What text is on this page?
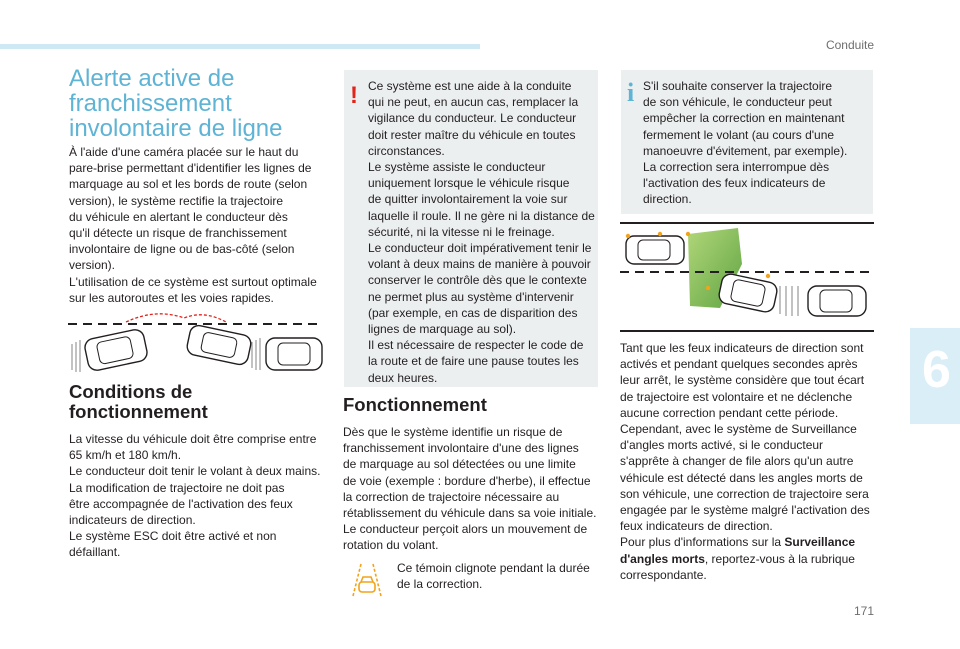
Conduite
6
171
Alerte active de
franchissement
involontaire de ligne
À l'aide d'une caméra placée sur le haut du
pare-brise permettant d'identifier les lignes de
marquage au sol et les bords de route (selon
version), le système rectifie la trajectoire
du véhicule en alertant le conducteur dès
qu'il détecte un risque de franchissement
involontaire de ligne ou de bas-côté (selon
version).
L'utilisation de ce système est surtout optimale
sur les autoroutes et les voies rapides.
Conditions de
fonctionnement
La vitesse du véhicule doit être comprise entre
65 km/h et 180 km/h.
Le conducteur doit tenir le volant à deux mains.
La modification de trajectoire ne doit pas
être accompagnée de l'activation des feux
indicateurs de direction.
Le système ESC doit être activé et non
défaillant.
! Ce système est une aide à la conduite
qui ne peut, en aucun cas, remplacer la
vigilance du conducteur. Le conducteur
doit rester maître du véhicule en toutes
circonstances.
Le système assiste le conducteur
uniquement lorsque le véhicule risque
de quitter involontairement la voie sur
laquelle il roule. Il ne gère ni la distance de
sécurité, ni la vitesse ni le freinage.
Le conducteur doit impérativement tenir le
volant à deux mains de manière à pouvoir
conserver le contrôle dès que le contexte
ne permet plus au système d'intervenir
(par exemple, en cas de disparition des
lignes de marquage au sol).
Il est nécessaire de respecter le code de
la route et de faire une pause toutes les
deux heures.
Fonctionnement
Dès que le système identifie un risque de
franchissement involontaire d'une des lignes
de marquage au sol détectées ou une limite
de voie (exemple : bordure d'herbe), il effectue
la correction de trajectoire nécessaire au
rétablissement du véhicule dans sa voie initiale.
Le conducteur perçoit alors un mouvement de
rotation du volant.
Ce témoin clignote pendant la durée
de la correction.
i S'il souhaite conserver la trajectoire
de son véhicule, le conducteur peut
empêcher la correction en maintenant
fermement le volant (au cours d'une
manoeuvre d'évitement, par exemple).
La correction sera interrompue dès
l'activation des feux indicateurs de
direction.
Tant que les feux indicateurs de direction sont
activés et pendant quelques secondes après
leur arrêt, le système considère que tout écart
de trajectoire est volontaire et ne déclenche
aucune correction pendant cette période.
Cependant, avec le système de Surveillance
d'angles morts activé, si le conducteur
s'apprête à changer de file alors qu'un autre
véhicule est détecté dans les angles morts de
son véhicule, une correction de trajectoire sera
engagée par le système malgré l'activation des
feux indicateurs de direction.
Pour plus d'informations sur la Surveillance
d'angles morts, reportez-vous à la rubrique
correspondante.
